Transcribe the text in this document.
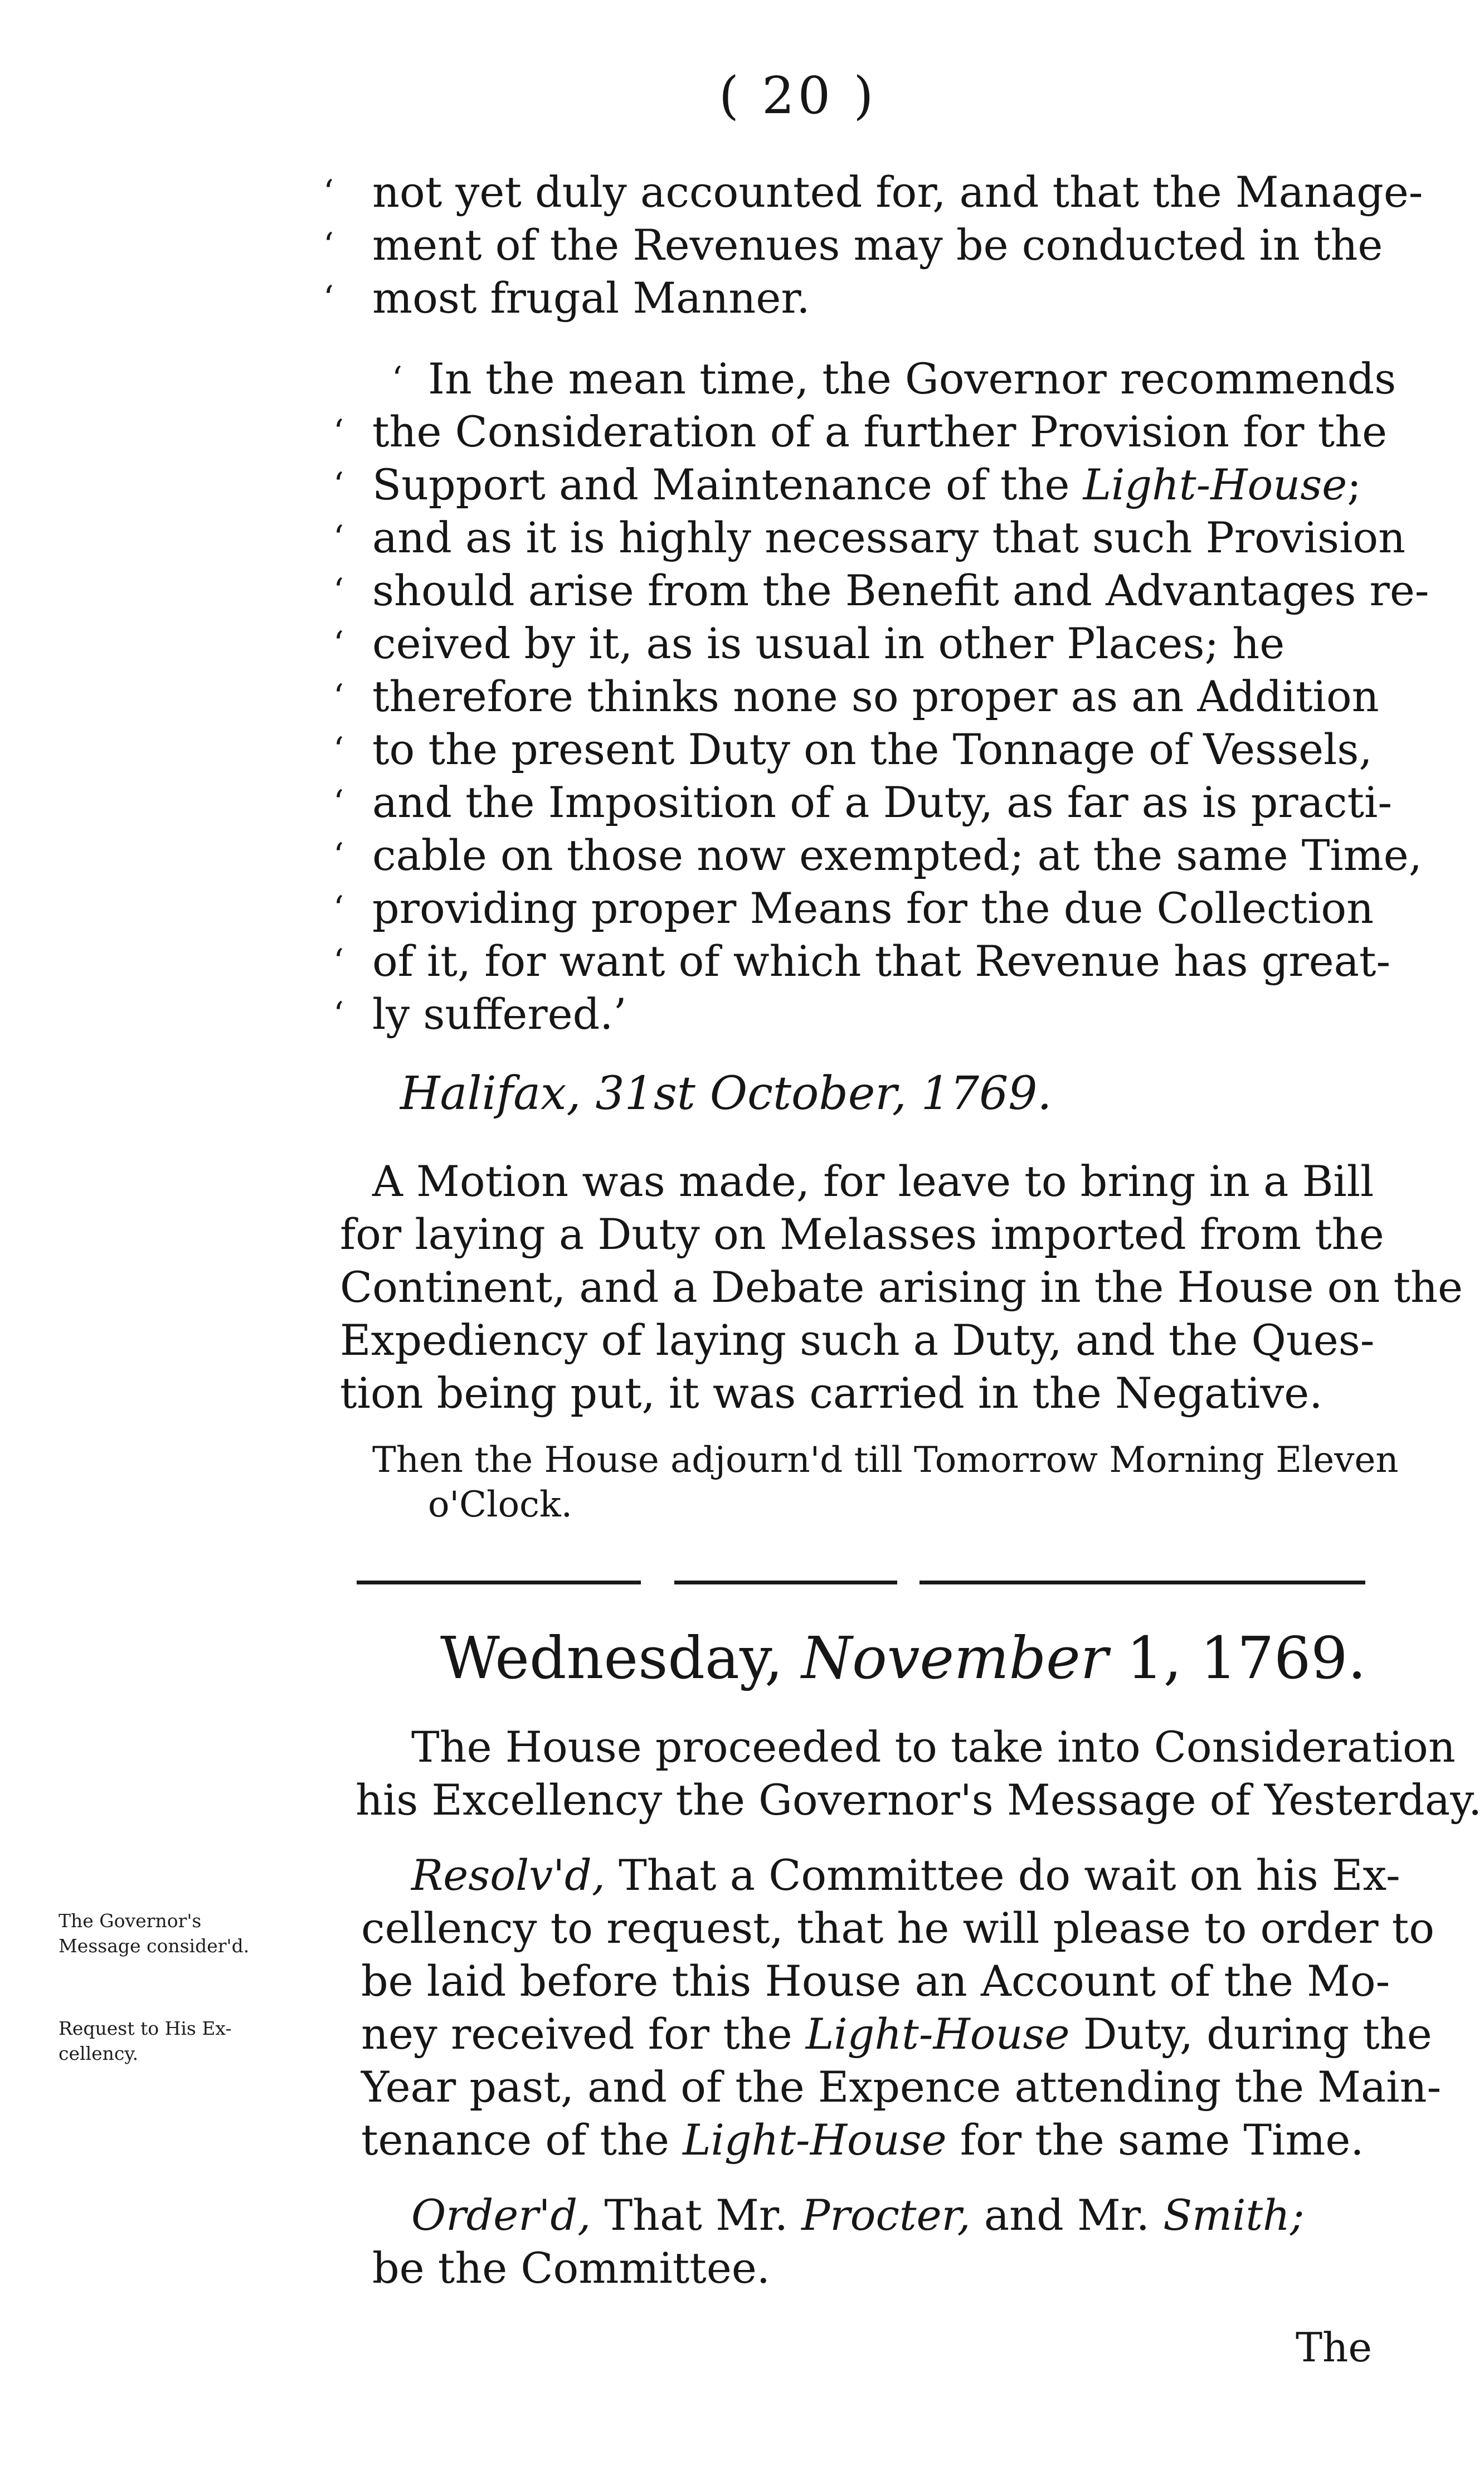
( 20 )
‘
‘
‘
not yet duly accounted for, and that the Manage-
ment of the Revenues may be conducted in the
most frugal Manner.
‘ In the mean time, the Governor recommends
‘ the Consideration of a further Provision for the
‘ Support and Maintenance of the Light-House;
‘ and as it is highly necessary that such Provision
‘ should arise from the Benefit and Advantages re-
‘ ceived by it, as is usual in other Places; he
‘ therefore thinks none so proper as an Addition
‘ to the present Duty on the Tonnage of Vessels,
‘ and the Imposition of a Duty, as far as is practi-
‘ cable on those now exempted; at the same Time,
‘ providing proper Means for the due Collection
‘ of it, for want of which that Revenue has great-
‘ ly suffered.’
Halifax, 31st October, 1769.
A Motion was made, for leave to bring in a Bill
for laying a Duty on Melasses imported from the
Continent, and a Debate arising in the House on the
Expediency of laying such a Duty, and the Ques-
tion being put, it was carried in the Negative.
Then the House adjourn'd till Tomorrow Morning Eleven
o'Clock.
Wednesday, November 1, 1769.
The House proceeded to take into Consideration
his Excellency the Governor's Message of Yesterday.
Resolv'd, That a Committee do wait on his Ex-
cellency to request, that he will please to order to
be laid before this House an Account of the Mo-
ney received for the Light-House Duty, during the
Year past, and of the Expence attending the Main-
tenance of the Light-House for the same Time.
Order'd, That Mr. Procter, and Mr. Smith;
be the Committee.
The Governor's
Message consider'd.
Request to His Ex-
cellency.
The
